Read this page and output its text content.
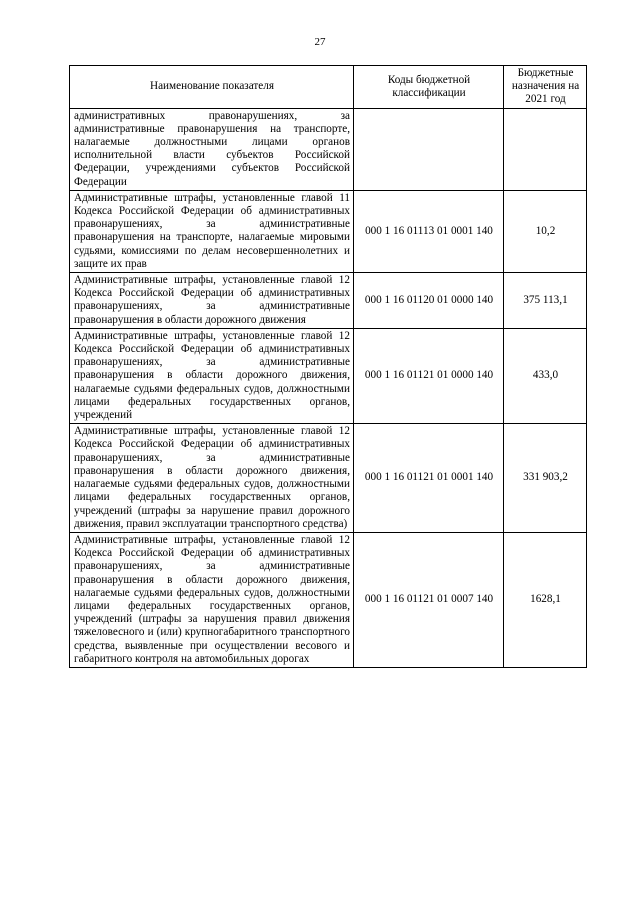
27
Наименование показателя	Коды бюджетной классификации	Бюджетные назначения на 2021 год
административных правонарушениях, за административные правонарушения на транспорте, налагаемые должностными лицами органов исполнительной власти субъектов Российской Федерации, учреждениями субъектов Российской Федерации		
Административные штрафы, установленные главой 11 Кодекса Российской Федерации об административных правонарушениях, за административные правонарушения на транспорте, налагаемые мировыми судьями, комиссиями по делам несовершеннолетних и защите их прав	000 1 16 01113 01 0001 140	10,2
Административные штрафы, установленные главой 12 Кодекса Российской Федерации об административных правонарушениях, за административные правонарушения в области дорожного движения	000 1 16 01120 01 0000 140	375 113,1
Административные штрафы, установленные главой 12 Кодекса Российской Федерации об административных правонарушениях, за административные правонарушения в области дорожного движения, налагаемые судьями федеральных судов, должностными лицами федеральных государственных органов, учреждений	000 1 16 01121 01 0000 140	433,0
Административные штрафы, установленные главой 12 Кодекса Российской Федерации об административных правонарушениях, за административные правонарушения в области дорожного движения, налагаемые судьями федеральных судов, должностными лицами федеральных государственных органов, учреждений (штрафы за нарушение правил дорожного движения, правил эксплуатации транспортного средства)	000 1 16 01121 01 0001 140	331 903,2
Административные штрафы, установленные главой 12 Кодекса Российской Федерации об административных правонарушениях, за административные правонарушения в области дорожного движения, налагаемые судьями федеральных судов, должностными лицами федеральных государственных органов, учреждений (штрафы за нарушения правил движения тяжеловесного и (или) крупногабаритного транспортного средства, выявленные при осуществлении весового и габаритного контроля на автомобильных дорогах	000 1 16 01121 01 0007 140	1628,1
